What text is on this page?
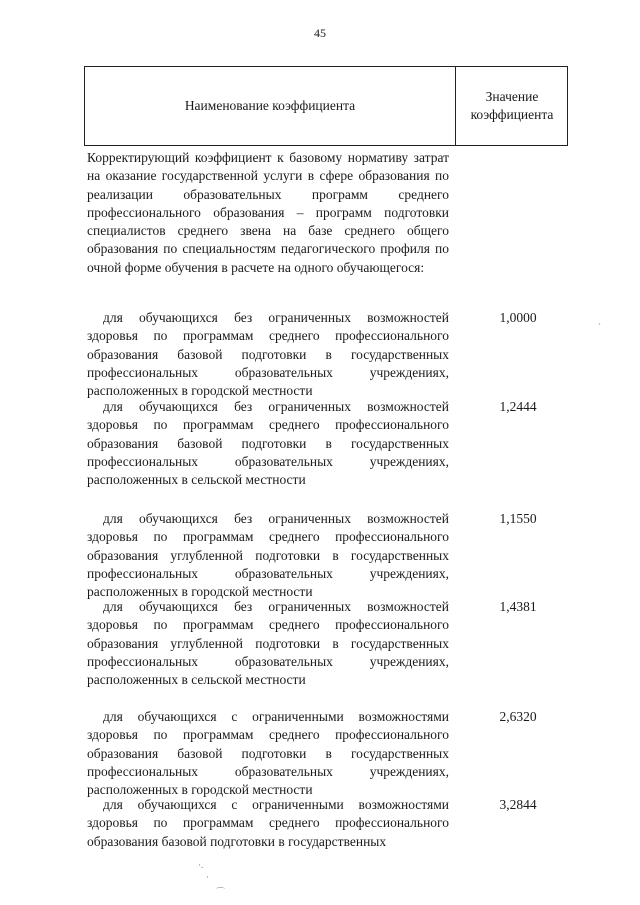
45
Наименование коэффициента
Значение
коэффициента
Корректирующий коэффициент к базовому нормативу затрат на оказание государственной услуги в сфере образования по реализации образовательных программ среднего профессионального образования – программ подготовки специалистов среднего звена на базе среднего общего образования по специальностям педагогического профиля по очной форме обучения в расчете на одного обучающегося:
для обучающихся без ограниченных возможностей здоровья по программам среднего профессионального образования базовой подготовки в государственных профессиональных образовательных учреждениях, расположенных в городской местности
1,0000
для обучающихся без ограниченных возможностей здоровья по программам среднего профессионального образования базовой подготовки в государственных профессиональных образовательных учреждениях, расположенных в сельской местности
1,2444
для обучающихся без ограниченных возможностей здоровья по программам среднего профессионального образования углубленной подготовки в государственных профессиональных образовательных учреждениях, расположенных в городской местности
1,1550
для обучающихся без ограниченных возможностей здоровья по программам среднего профессионального образования углубленной подготовки в государственных профессиональных образовательных учреждениях, расположенных в сельской местности
1,4381
для обучающихся с ограниченными возможностями здоровья по программам среднего профессионального образования базовой подготовки в государственных профессиональных образовательных учреждениях, расположенных в городской местности
2,6320
для обучающихся с ограниченными возможностями здоровья по программам среднего профессионального образования базовой подготовки в государственных
3,2844
`
·.
·
⌒
